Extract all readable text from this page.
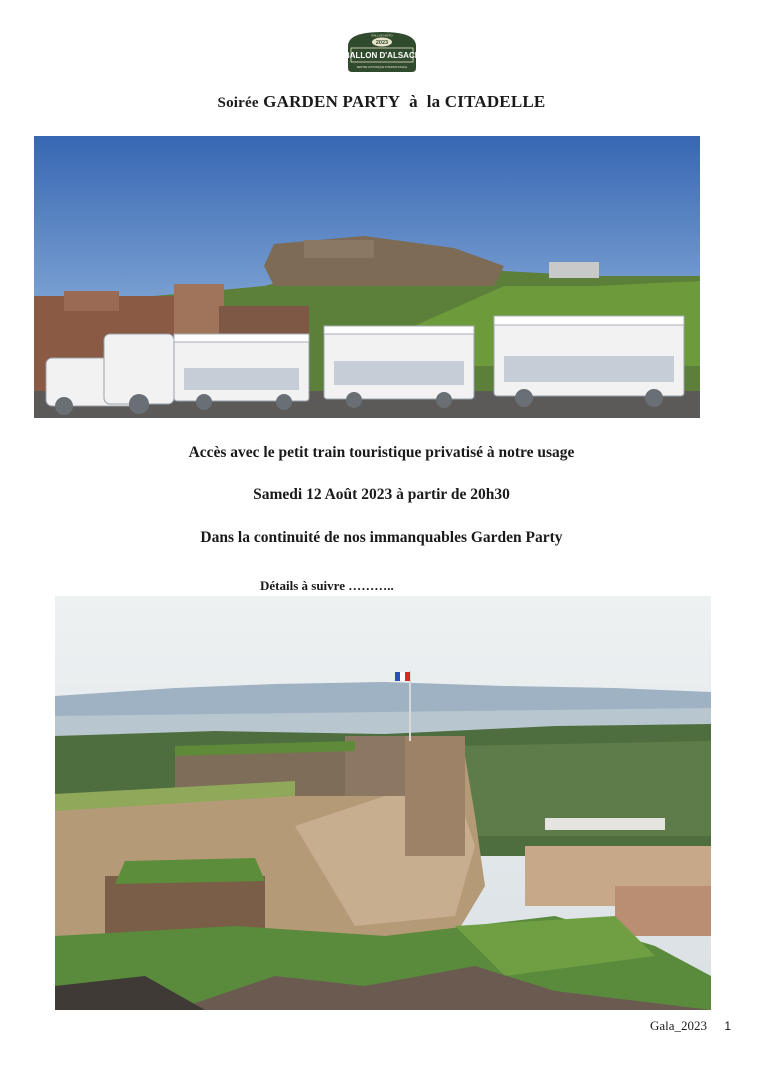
2023
RALLYE HISTO
BALLON D'ALSACE
RENTRE HISTORIQUE INTERNATIONALE
Soirée GARDEN PARTY à la CITADELLE
Accès avec le petit train touristique privatisé à notre usage
Samedi 12 Août 2023 à partir de 20h30
Dans la continuité de nos immanquables Garden Party
Détails à suivre ………..
Gala_2023 1
